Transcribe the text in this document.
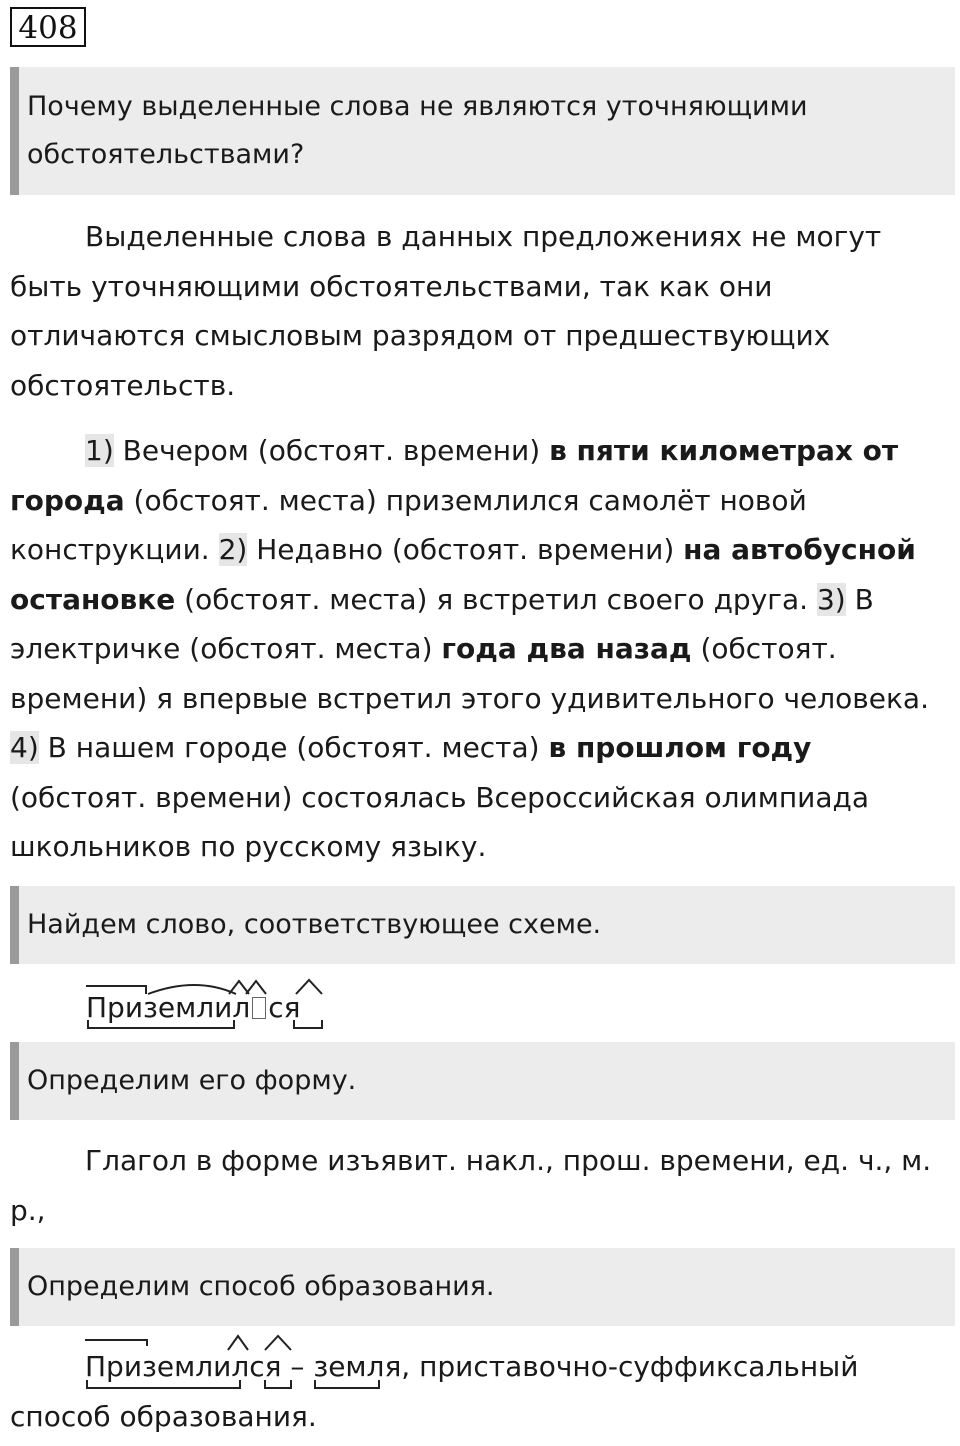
408
Почему выделенные слова не являются уточняющими обстоятельствами?
Выделенные слова в данных предложениях не могут быть уточняющими обстоятельствами, так как они отличаются смысловым разрядом от предшествующих обстоятельств.
1) Вечером (обстоят. времени) в пяти километрах от города (обстоят. места) приземлился самолёт новой конструкции. 2) Недавно (обстоят. времени) на автобусной остановке (обстоят. места) я встретил своего друга. 3) В электричке (обстоят. места) года два назад (обстоят. времени) я впервые встретил этого удивительного человека. 4) В нашем городе (обстоят. места) в прошлом году (обстоят. времени) состоялась Всероссийская олимпиада школьников по русскому языку.
Найдем слово, соответствующее схеме.
Приземлил ся
Определим его форму.
Глагол в форме изъявит. накл., прош. времени, ед. ч., м. р.,
Определим способ образования.
Приземлился –
земля, приставочно-суффиксальный способ образования.
